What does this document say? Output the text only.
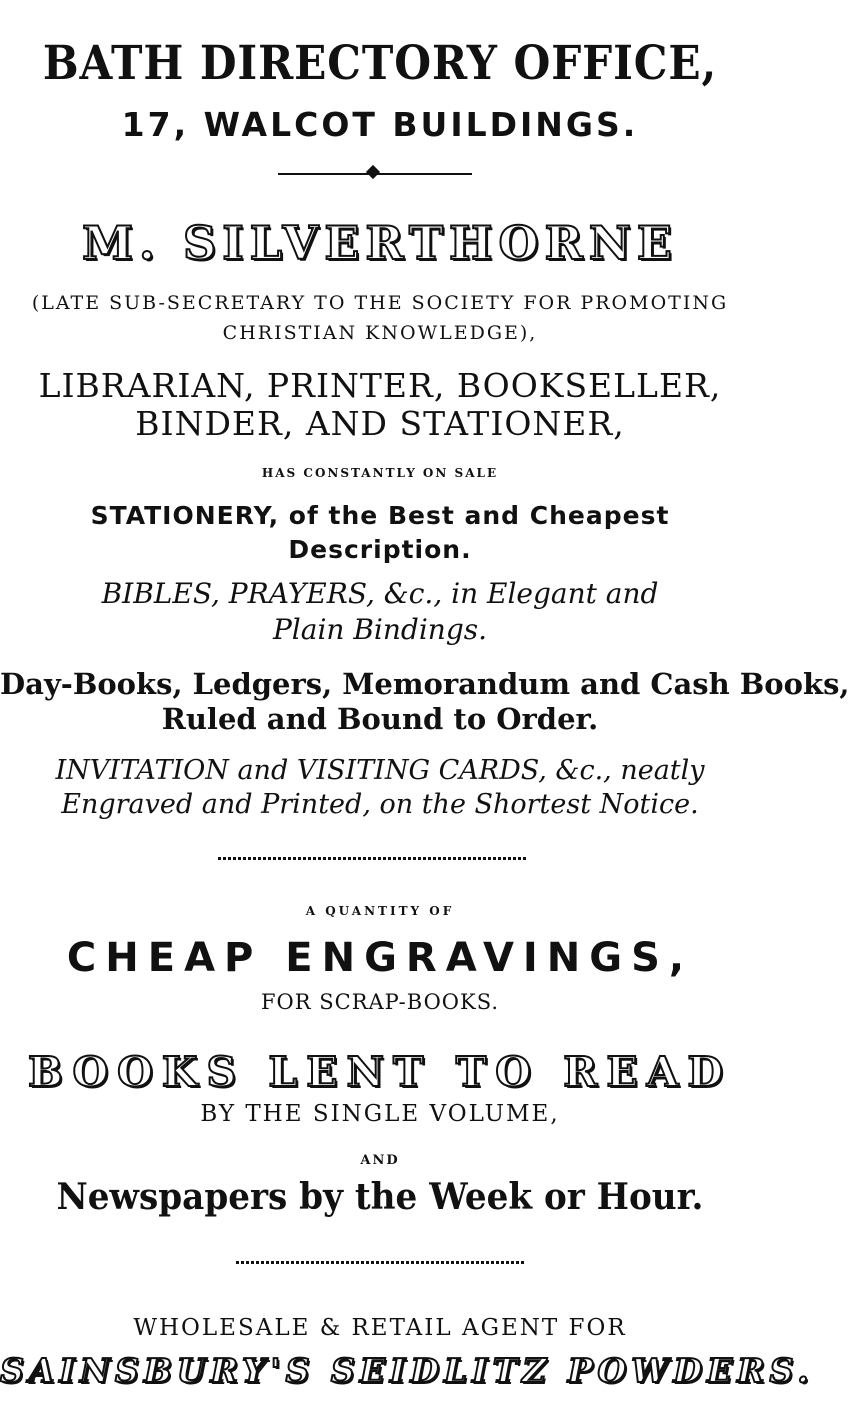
BATH DIRECTORY OFFICE,
17, WALCOT BUILDINGS.
M. SILVERTHORNE
(LATE SUB-SECRETARY TO THE SOCIETY FOR PROMOTING
CHRISTIAN KNOWLEDGE),
LIBRARIAN, PRINTER, BOOKSELLER,
BINDER, AND STATIONER,
HAS CONSTANTLY ON SALE
STATIONERY, of the Best and Cheapest
Description.
BIBLES, PRAYERS, &c., in Elegant and
Plain Bindings.
Day-Books, Ledgers, Memorandum and Cash Books,
Ruled and Bound to Order.
INVITATION and VISITING CARDS, &c., neatly
Engraved and Printed, on the Shortest Notice.
A QUANTITY OF
CHEAP ENGRAVINGS,
FOR SCRAP-BOOKS.
BOOKS LENT TO READ
BY THE SINGLE VOLUME,
AND
Newspapers by the Week or Hour.
WHOLESALE & RETAIL AGENT FOR
SAINSBURY'S SEIDLITZ POWDERS.
